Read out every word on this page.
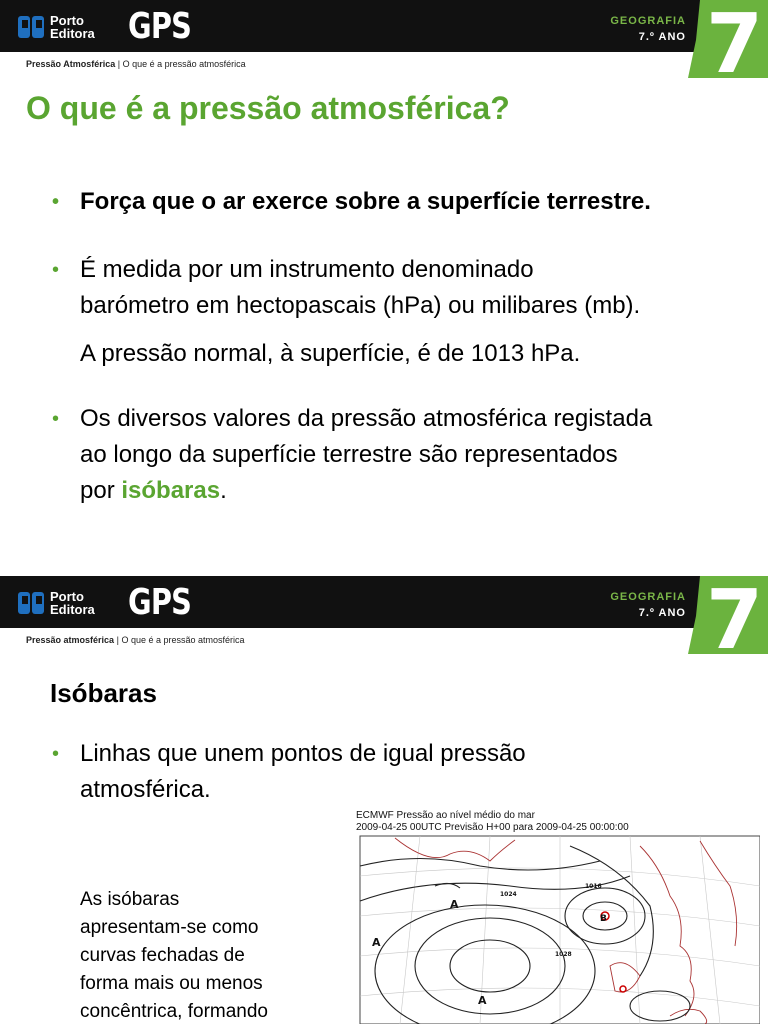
Porto
Editora GPS	GEOGRAFIA
7.º ANO 7
Pressão Atmosférica | O que é a pressão atmosférica
O que é a pressão atmosférica?
• Força que o ar exerce sobre a superfície terrestre.
• É medida por um instrumento denominado
barómetro em hectopascais (hPa) ou milibares (mb).
A pressão normal, à superfície, é de 1013 hPa.
• Os diversos valores da pressão atmosférica registada
ao longo da superfície terrestre são representados
por isóbaras.
Porto
Editora GPS	GEOGRAFIA
7.º ANO 7
Pressão atmosférica | O que é a pressão atmosférica
Isóbaras
• Linhas que unem pontos de igual pressão
atmosférica.
As isóbaras
apresentam-se como
curvas fechadas de
forma mais ou menos
concêntrica, formando
ECMWF Pressão ao nível médio do mar
2009-04-25 00UTC Previsão H+00 para 2009-04-25 00:00:00
A
A
A
B
1024
1028
1016
